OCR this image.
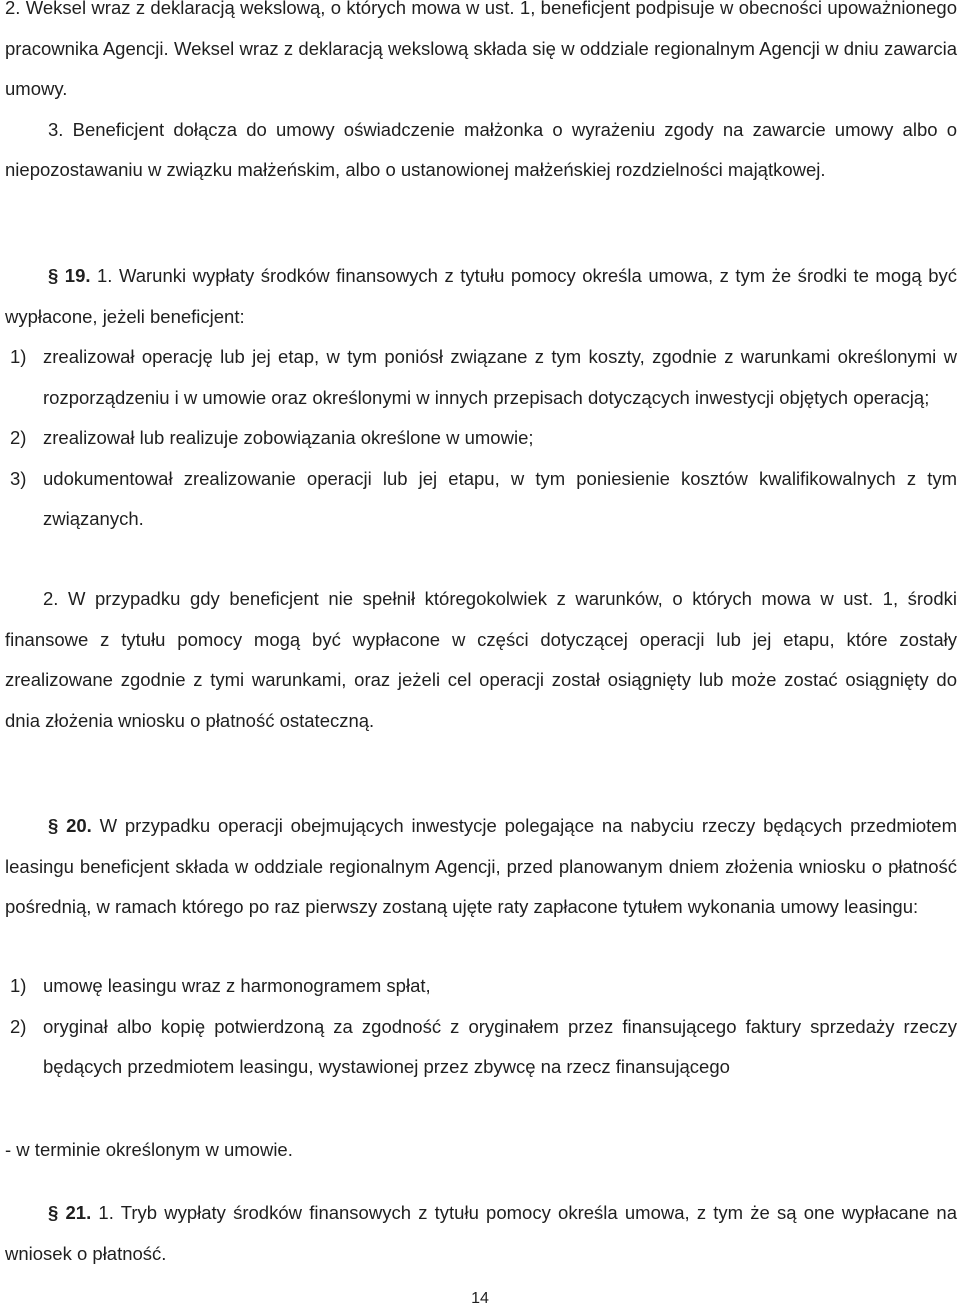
2. Weksel wraz z deklaracją wekslową, o których mowa w ust. 1, beneficjent podpisuje w obecności upoważnionego pracownika Agencji. Weksel wraz z deklaracją wekslową składa się w oddziale regionalnym Agencji w dniu zawarcia umowy.
3. Beneficjent dołącza do umowy oświadczenie małżonka o wyrażeniu zgody na zawarcie umowy albo o niepozostawaniu w związku małżeńskim, albo o ustanowionej małżeńskiej rozdzielności majątkowej.
§ 19. 1. Warunki wypłaty środków finansowych z tytułu pomocy określa umowa, z tym że środki te mogą być wypłacone, jeżeli beneficjent:
1) zrealizował operację lub jej etap, w tym poniósł związane z tym koszty, zgodnie z warunkami określonymi w rozporządzeniu i w umowie oraz określonymi w innych przepisach dotyczących inwestycji objętych operacją;
2) zrealizował lub realizuje zobowiązania określone w umowie;
3) udokumentował zrealizowanie operacji lub jej etapu, w tym poniesienie kosztów kwalifikowalnych z tym związanych.
2. W przypadku gdy beneficjent nie spełnił któregokolwiek z warunków, o których mowa w ust. 1, środki finansowe z tytułu pomocy mogą być wypłacone w części dotyczącej operacji lub jej etapu, które zostały zrealizowane zgodnie z tymi warunkami, oraz jeżeli cel operacji został osiągnięty lub może zostać osiągnięty do dnia złożenia wniosku o płatność ostateczną.
§ 20. W przypadku operacji obejmujących inwestycje polegające na nabyciu rzeczy będących przedmiotem leasingu beneficjent składa w oddziale regionalnym Agencji, przed planowanym dniem złożenia wniosku o płatność pośrednią, w ramach którego po raz pierwszy zostaną ujęte raty zapłacone tytułem wykonania umowy leasingu:
1) umowę leasingu wraz z harmonogramem spłat,
2) oryginał albo kopię potwierdzoną za zgodność z oryginałem przez finansującego faktury sprzedaży rzeczy będących przedmiotem leasingu, wystawionej przez zbywcę na rzecz finansującego
- w terminie określonym w umowie.
§ 21. 1. Tryb wypłaty środków finansowych z tytułu pomocy określa umowa, z tym że są one wypłacane na wniosek o płatność.
14
